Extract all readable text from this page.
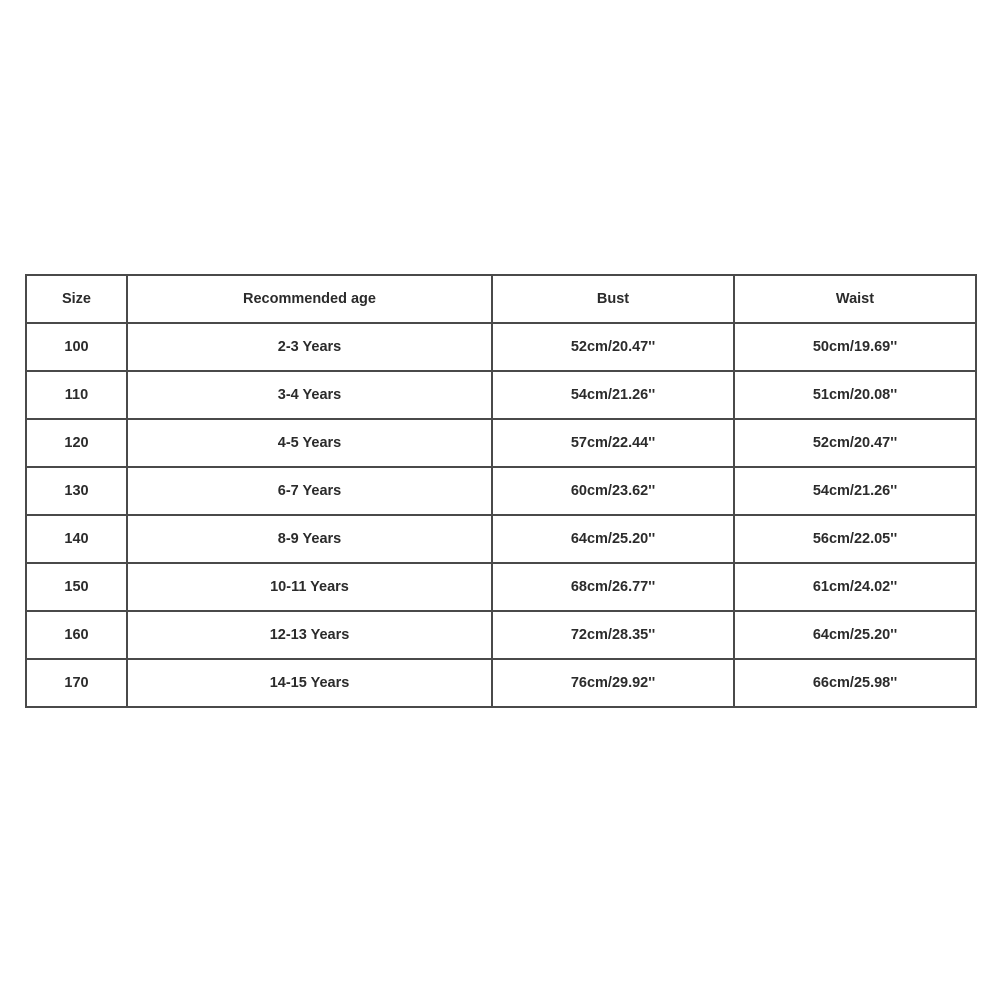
Size	Recommended age	Bust	Waist
100	2-3 Years	52cm/20.47''	50cm/19.69''
110	3-4 Years	54cm/21.26''	51cm/20.08''
120	4-5 Years	57cm/22.44''	52cm/20.47''
130	6-7 Years	60cm/23.62''	54cm/21.26''
140	8-9 Years	64cm/25.20''	56cm/22.05''
150	10-11 Years	68cm/26.77''	61cm/24.02''
160	12-13 Years	72cm/28.35''	64cm/25.20''
170	14-15 Years	76cm/29.92''	66cm/25.98''
